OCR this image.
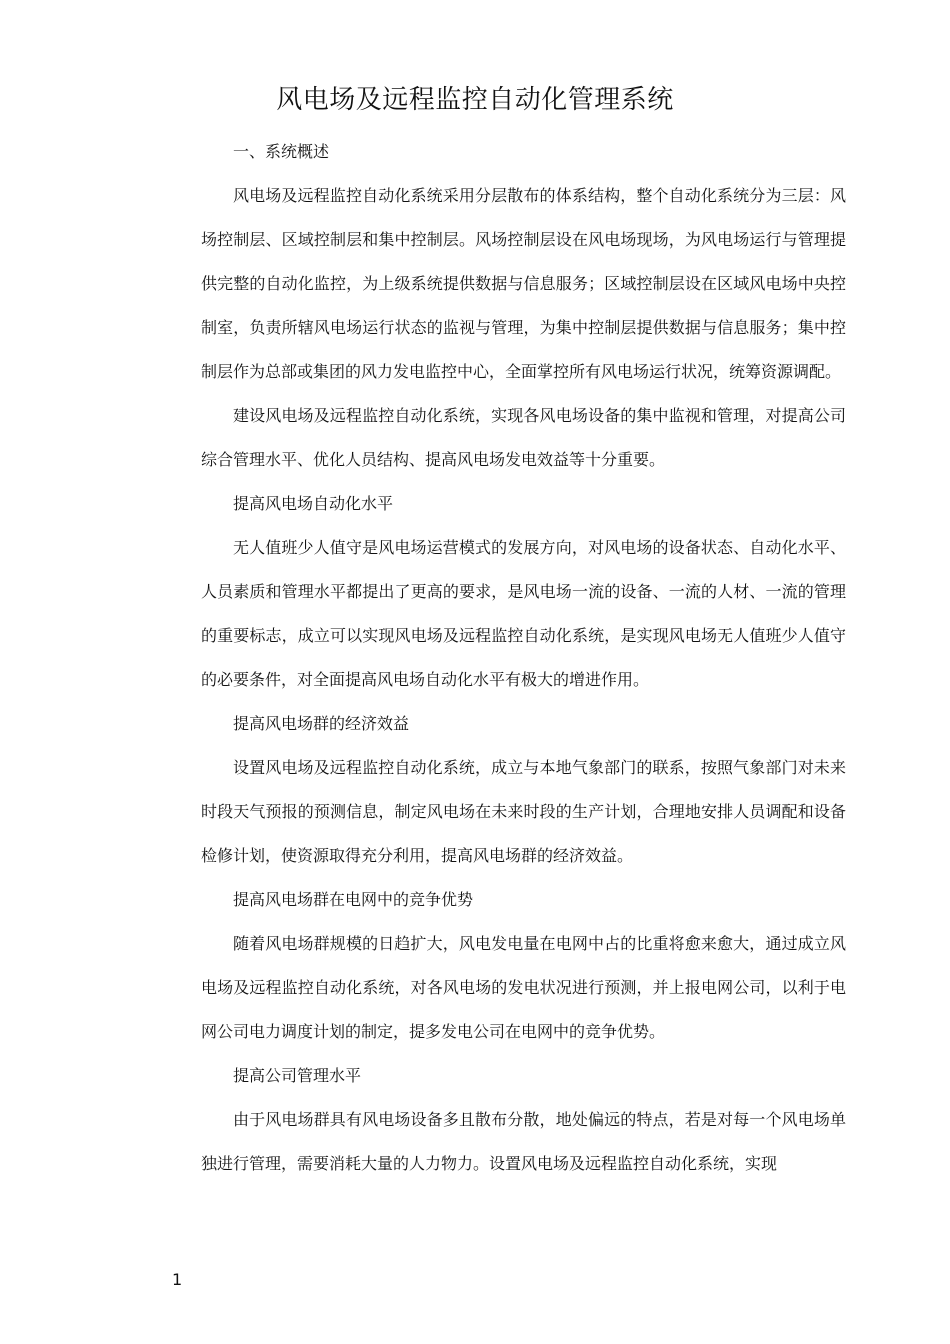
风电场及远程监控自动化管理系统

一、系统概述

风电场及远程监控自动化系统采用分层散布的体系结构，整个自动化系统分为三层：风场控制层、区域控制层和集中控制层。风场控制层设在风电场现场，为风电场运行与管理提供完整的自动化监控，为上级系统提供数据与信息服务；区域控制层设在区域风电场中央控制室，负责所辖风电场运行状态的监视与管理，为集中控制层提供数据与信息服务；集中控制层作为总部或集团的风力发电监控中心，全面掌控所有风电场运行状况，统筹资源调配。

建设风电场及远程监控自动化系统，实现各风电场设备的集中监视和管理，对提高公司综合管理水平、优化人员结构、提高风电场发电效益等十分重要。

提高风电场自动化水平

无人值班少人值守是风电场运营模式的发展方向，对风电场的设备状态、自动化水平、人员素质和管理水平都提出了更高的要求，是风电场一流的设备、一流的人材、一流的管理的重要标志，成立可以实现风电场及远程监控自动化系统，是实现风电场无人值班少人值守的必要条件，对全面提高风电场自动化水平有极大的增进作用。

提高风电场群的经济效益

设置风电场及远程监控自动化系统，成立与本地气象部门的联系，按照气象部门对未来时段天气预报的预测信息，制定风电场在未来时段的生产计划，合理地安排人员调配和设备检修计划，使资源取得充分利用，提高风电场群的经济效益。

提高风电场群在电网中的竞争优势

随着风电场群规模的日趋扩大，风电发电量在电网中占的比重将愈来愈大，通过成立风电场及远程监控自动化系统，对各风电场的发电状况进行预测，并上报电网公司，以利于电网公司电力调度计划的制定，提多发电公司在电网中的竞争优势。

提高公司管理水平

由于风电场群具有风电场设备多且散布分散，地处偏远的特点，若是对每一个风电场单独进行管理，需要消耗大量的人力物力。设置风电场及远程监控自动化系统，实现

1
